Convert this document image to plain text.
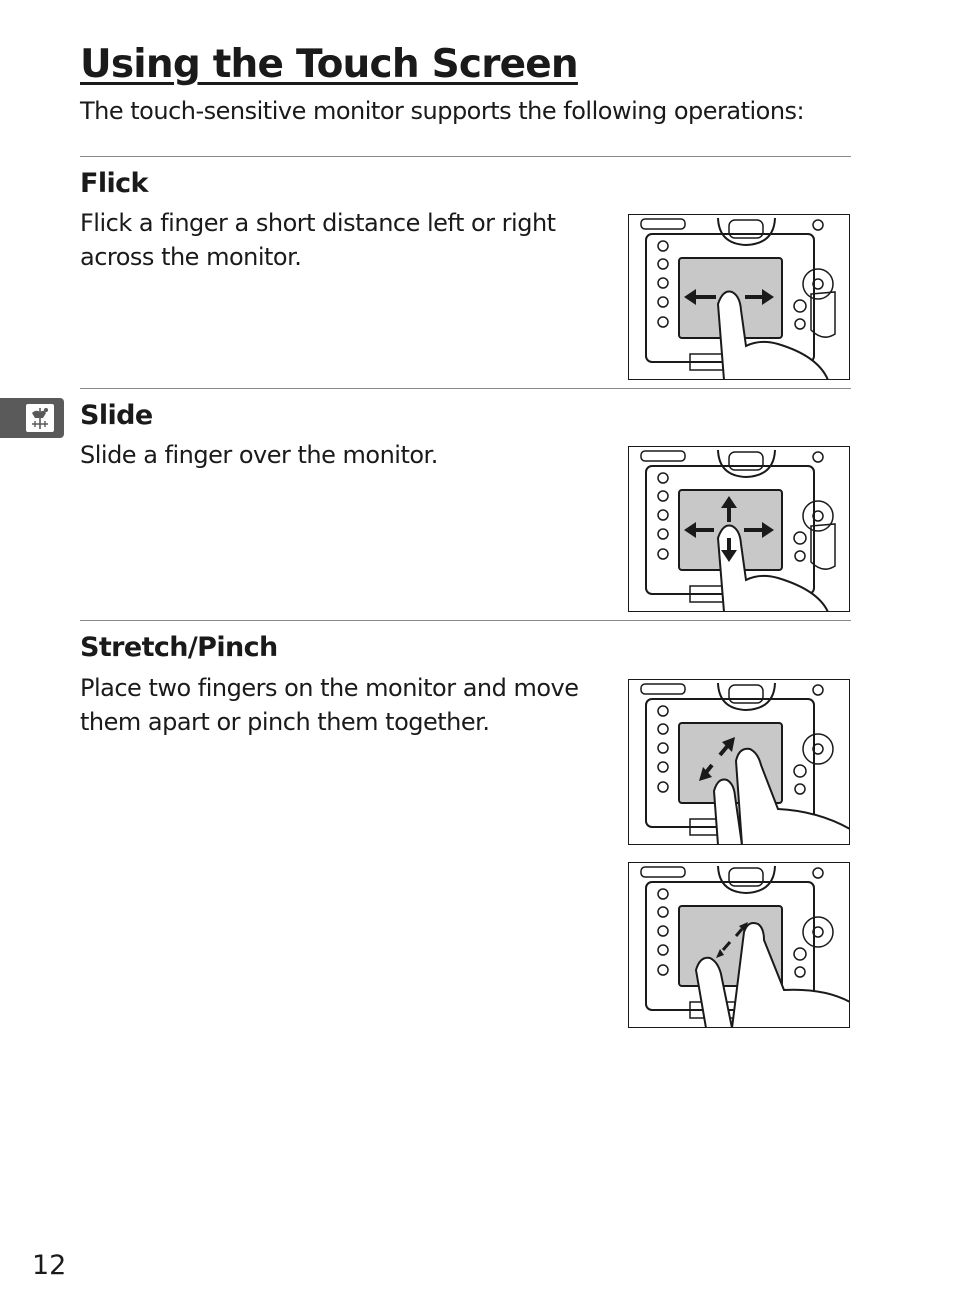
Using the Touch Screen

The touch-sensitive monitor supports the following operations:

Flick

Flick a finger a short distance left or right across the monitor.

Slide

Slide a finger over the monitor.

Stretch/Pinch

Place two fingers on the monitor and move them apart or pinch them together.

12
